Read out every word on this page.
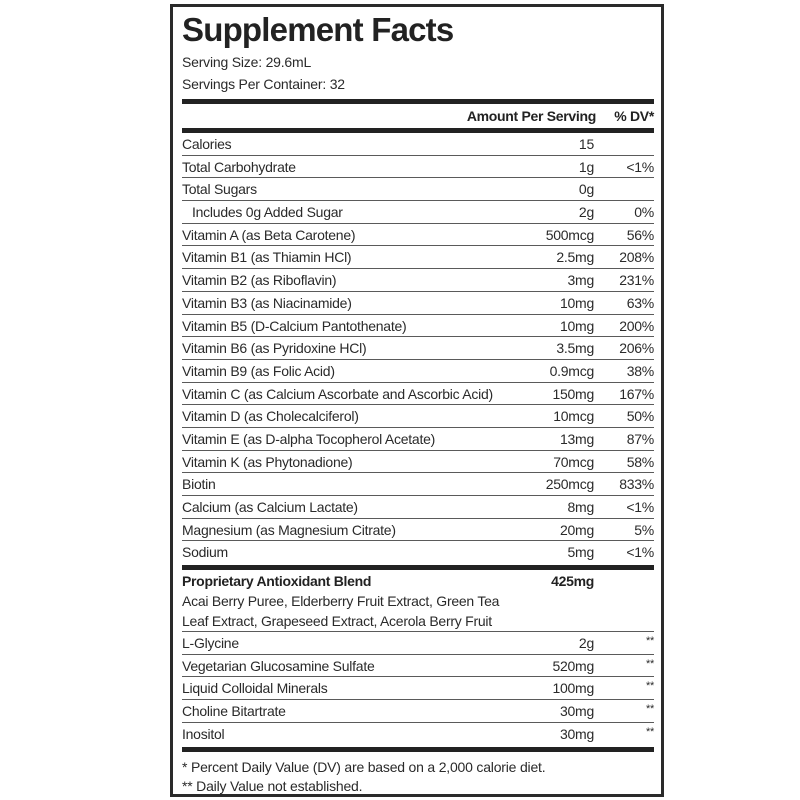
Supplement Facts
Serving Size: 29.6mL
Servings Per Container: 32
Amount Per Serving % DV*
Calories	15
Total Carbohydrate	1g <1%
Total Sugars	0g
Includes 0g Added Sugar	2g	0%
Vitamin A (as Beta Carotene)	500mcg 56%
Vitamin B1 (as Thiamin HCl)	2.5mg 208%
Vitamin B2 (as Riboflavin)	3mg 231%
Vitamin B3 (as Niacinamide)	10mg 63%
Vitamin B5 (D-Calcium Pantothenate)	10mg 200%
Vitamin B6 (as Pyridoxine HCl)	3.5mg 206%
Vitamin B9 (as Folic Acid)	0.9mcg 38%
Vitamin C (as Calcium Ascorbate and Ascorbic Acid)	150mg 167%
Vitamin D (as Cholecalciferol)	10mcg 50%
Vitamin E (as D-alpha Tocopherol Acetate)	13mg 87%
Vitamin K (as Phytonadione)	70mcg 58%
Biotin	250mcg 833%
Calcium (as Calcium Lactate)	8mg <1%
Magnesium (as Magnesium Citrate)	20mg	5%
Sodium	5mg <1%
Proprietary Antioxidant Blend	425mg
Acai Berry Puree, Elderberry Fruit Extract, Green Tea Leaf Extract, Grapeseed Extract, Acerola Berry Fruit
L-Glycine	2g	**
Vegetarian Glucosamine Sulfate	520mg	**
Liquid Colloidal Minerals	100mg	**
Choline Bitartrate	30mg	**
Inositol	30mg	**
* Percent Daily Value (DV) are based on a 2,000 calorie diet.
** Daily Value not established.
